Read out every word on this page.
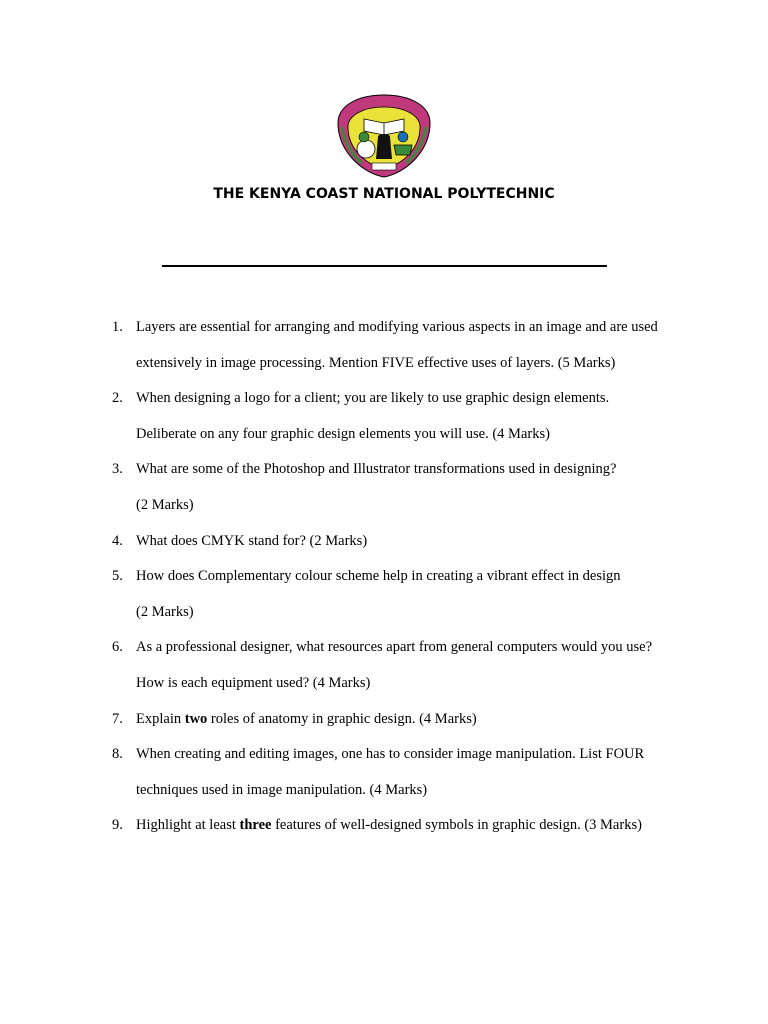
THE KENYA COAST NATIONAL POLYTECHNIC
1. Layers are essential for arranging and modifying various aspects in an image and are used
extensively in image processing. Mention FIVE effective uses of layers. (5 Marks)
2. When designing a logo for a client; you are likely to use graphic design elements.
Deliberate on any four graphic design elements you will use. (4 Marks)
3. What are some of the Photoshop and Illustrator transformations used in designing?
(2 Marks)
4. What does CMYK stand for? (2 Marks)
5. How does Complementary colour scheme help in creating a vibrant effect in design
(2 Marks)
6. As a professional designer, what resources apart from general computers would you use?
How is each equipment used? (4 Marks)
7. Explain two roles of anatomy in graphic design. (4 Marks)
8. When creating and editing images, one has to consider image manipulation. List FOUR
techniques used in image manipulation. (4 Marks)
9. Highlight at least three features of well-designed symbols in graphic design. (3 Marks)
